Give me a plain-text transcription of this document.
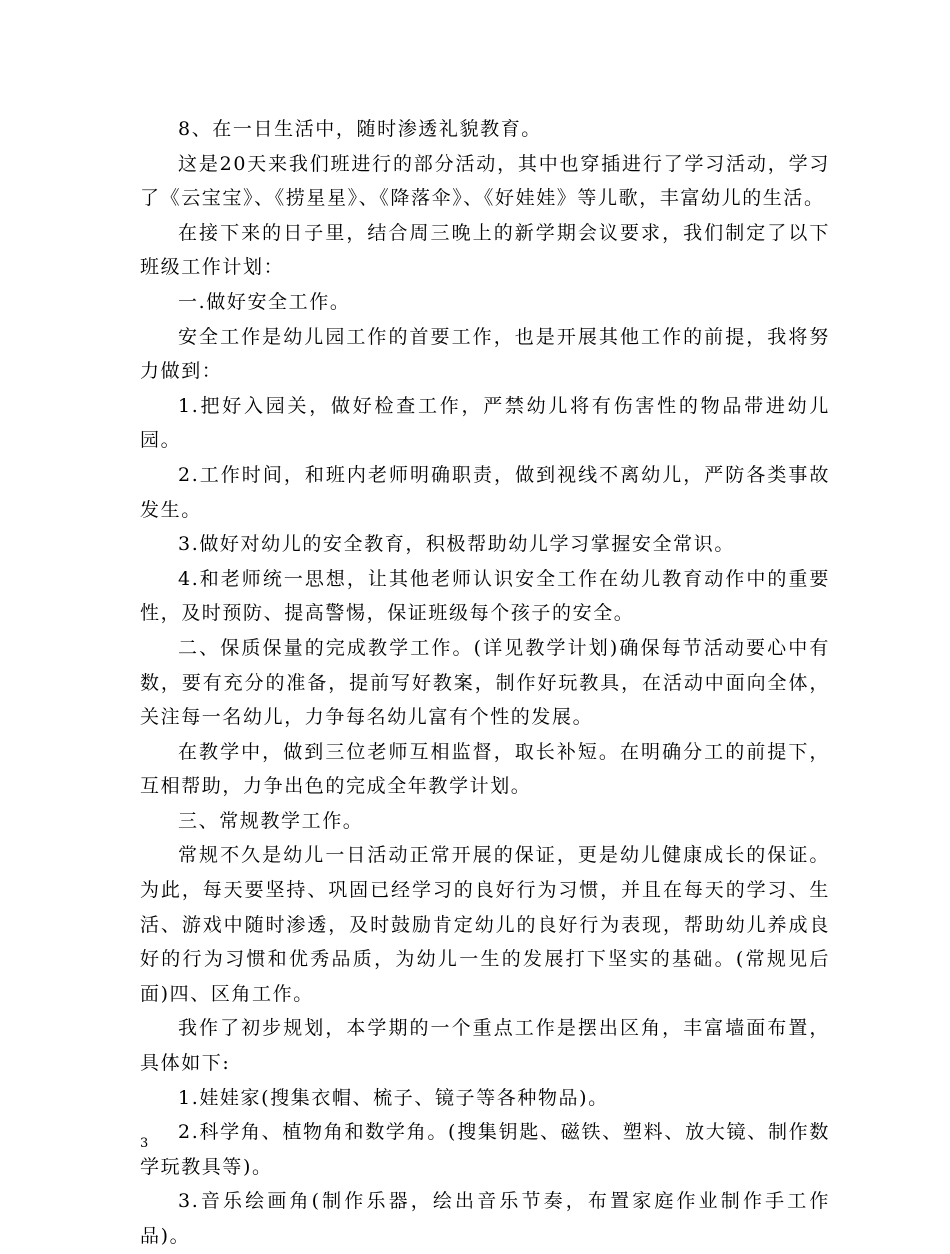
8、在一日生活中，随时渗透礼貌教育。

这是20天来我们班进行的部分活动，其中也穿插进行了学习活动，学习了《云宝宝》、《捞星星》、《降落伞》、《好娃娃》等儿歌，丰富幼儿的生活。

在接下来的日子里，结合周三晚上的新学期会议要求，我们制定了以下班级工作计划：

一.做好安全工作。

安全工作是幼儿园工作的首要工作，也是开展其他工作的前提，我将努力做到：

1.把好入园关，做好检查工作，严禁幼儿将有伤害性的物品带进幼儿园。

2.工作时间，和班内老师明确职责，做到视线不离幼儿，严防各类事故发生。

3.做好对幼儿的安全教育，积极帮助幼儿学习掌握安全常识。

4.和老师统一思想，让其他老师认识安全工作在幼儿教育动作中的重要性，及时预防、提高警惕，保证班级每个孩子的安全。

二、保质保量的完成教学工作。(详见教学计划)确保每节活动要心中有数，要有充分的准备，提前写好教案，制作好玩教具，在活动中面向全体，关注每一名幼儿，力争每名幼儿富有个性的发展。

在教学中，做到三位老师互相监督，取长补短。在明确分工的前提下，互相帮助，力争出色的完成全年教学计划。

三、常规教学工作。

常规不久是幼儿一日活动正常开展的保证，更是幼儿健康成长的保证。为此，每天要坚持、巩固已经学习的良好行为习惯，并且在每天的学习、生活、游戏中随时渗透，及时鼓励肯定幼儿的良好行为表现，帮助幼儿养成良好的行为习惯和优秀品质，为幼儿一生的发展打下坚实的基础。(常规见后面)四、区角工作。

我作了初步规划，本学期的一个重点工作是摆出区角，丰富墙面布置，具体如下:

1.娃娃家(搜集衣帽、梳子、镜子等各种物品)。

2.科学角、植物角和数学角。(搜集钥匙、磁铁、塑料、放大镜、制作数学玩教具等)。

3.音乐绘画角(制作乐器，绘出音乐节奏，布置家庭作业制作手工作品)。

3
